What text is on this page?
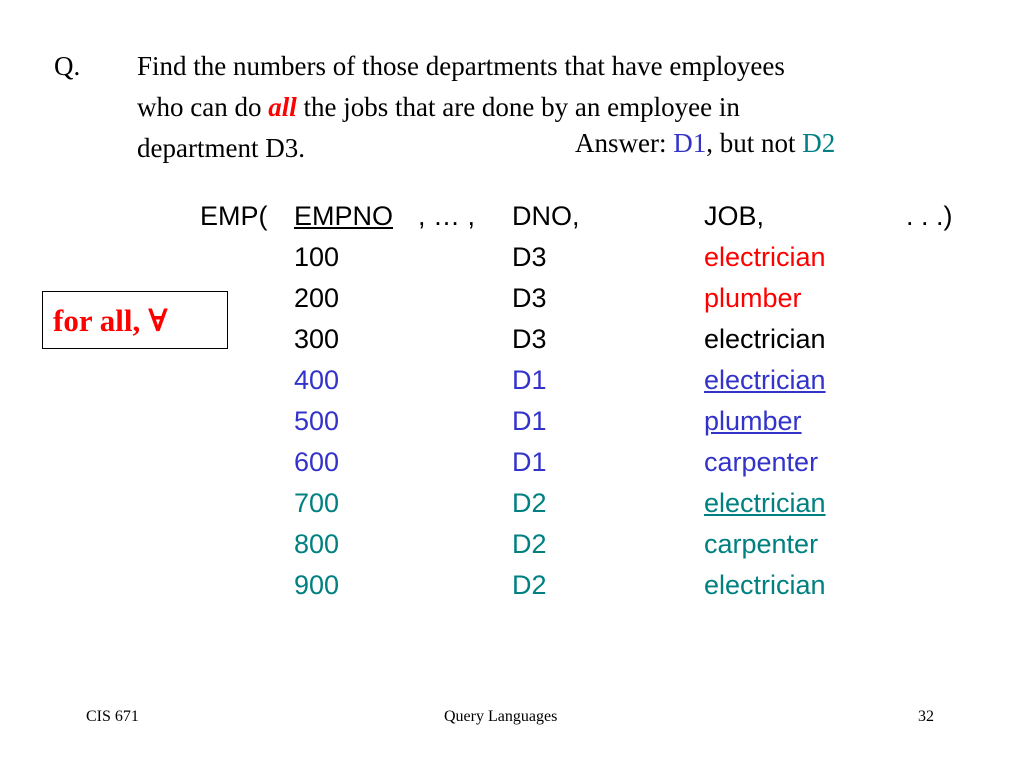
Q. Find the numbers of those departments that have employees
who can do all the jobs that are done by an employee in
department D3.	Answer: D1, but not D2
EMP( EMPNO , … , DNO,	JOB,	. . .)
100	D3	electrician
200	D3	plumber
300	D3	electrician
400	D1	electrician
500	D1	plumber
600	D1	carpenter
700	D2	electrician
800	D2	carpenter
900	D2	electrician
for all, ∀
CIS 671	Query Languages	32
